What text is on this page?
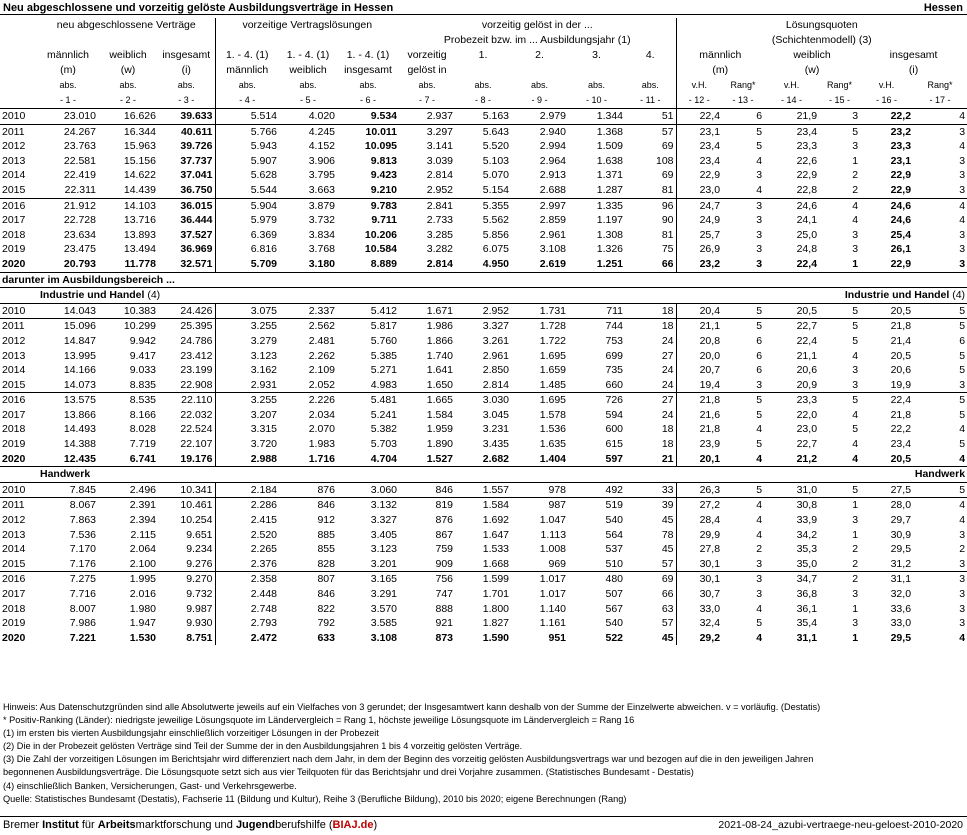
Neu abgeschlossene und vorzeitig gelöste Ausbildungsverträge in Hessen	Hessen
	neu abgeschlossene Verträge			vorzeitige Vertragslösungen			vorzeitig gelöst in der ...					Lösungsquoten					
							Probezeit bzw. im ... Ausbildungsjahr (1)					(Schichtenmodell) (3)					
	männlich	weiblich	insgesamt	1. - 4. (1)	1. - 4. (1)	1. - 4. (1)	vorzeitig	1.	2.	3.	4.	männlich		weiblich		insgesamt	
	(m)	(w)	(i)	männlich	weiblich	insgesamt	gelöst in					(m)		(w)		(i)	
	abs.	abs.	abs.	abs.	abs.	abs.	abs.	abs.	abs.	abs.	abs.	v.H.	Rang*	v.H.	Rang*	v.H.	Rang*
	- 1 -	- 2 -	- 3 -	- 4 -	- 5 -	- 6 -	- 7 -	- 8 -	- 9 -	- 10 -	- 11 -	- 12 -	- 13 -	- 14 -	- 15 -	- 16 -	- 17 -
2010	23.010	16.626	39.633	5.514	4.020	9.534	2.937	5.163	2.979	1.344	51	22,4	6	21,9	3	22,2	4
2011	24.267	16.344	40.611	5.766	4.245	10.011	3.297	5.643	2.940	1.368	57	23,1	5	23,4	5	23,2	3
2012	23.763	15.963	39.726	5.943	4.152	10.095	3.141	5.520	2.994	1.509	69	23,4	5	23,3	3	23,3	4
2013	22.581	15.156	37.737	5.907	3.906	9.813	3.039	5.103	2.964	1.638	108	23,4	4	22,6	1	23,1	3
2014	22.419	14.622	37.041	5.628	3.795	9.423	2.814	5.070	2.913	1.371	69	22,9	3	22,9	2	22,9	3
2015	22.311	14.439	36.750	5.544	3.663	9.210	2.952	5.154	2.688	1.287	81	23,0	4	22,8	2	22,9	3
2016	21.912	14.103	36.015	5.904	3.879	9.783	2.841	5.355	2.997	1.335	96	24,7	3	24,6	4	24,6	4
2017	22.728	13.716	36.444	5.979	3.732	9.711	2.733	5.562	2.859	1.197	90	24,9	3	24,1	4	24,6	4
2018	23.634	13.893	37.527	6.369	3.834	10.206	3.285	5.856	2.961	1.308	81	25,7	3	25,0	3	25,4	3
2019	23.475	13.494	36.969	6.816	3.768	10.584	3.282	6.075	3.108	1.326	75	26,9	3	24,8	3	26,1	3
2020	20.793	11.778	32.571	5.709	3.180	8.889	2.814	4.950	2.619	1.251	66	23,2	3	22,4	1	22,9	3
darunter im Ausbildungsbereich ...																	
Industrie und Handel (4)								Industrie und Handel (4)									
2010	14.043	10.383	24.426	3.075	2.337	5.412	1.671	2.952	1.731	711	18	20,4	5	20,5	5	20,5	5
2011	15.096	10.299	25.395	3.255	2.562	5.817	1.986	3.327	1.728	744	18	21,1	5	22,7	5	21,8	5
2012	14.847	9.942	24.786	3.279	2.481	5.760	1.866	3.261	1.722	753	24	20,8	6	22,4	5	21,4	6
2013	13.995	9.417	23.412	3.123	2.262	5.385	1.740	2.961	1.695	699	27	20,0	6	21,1	4	20,5	5
2014	14.166	9.033	23.199	3.162	2.109	5.271	1.641	2.850	1.659	735	24	20,7	6	20,6	3	20,6	5
2015	14.073	8.835	22.908	2.931	2.052	4.983	1.650	2.814	1.485	660	24	19,4	3	20,9	3	19,9	3
2016	13.575	8.535	22.110	3.255	2.226	5.481	1.665	3.030	1.695	726	27	21,8	5	23,3	5	22,4	5
2017	13.866	8.166	22.032	3.207	2.034	5.241	1.584	3.045	1.578	594	24	21,6	5	22,0	4	21,8	5
2018	14.493	8.028	22.524	3.315	2.070	5.382	1.959	3.231	1.536	600	18	21,8	4	23,0	5	22,2	4
2019	14.388	7.719	22.107	3.720	1.983	5.703	1.890	3.435	1.635	615	18	23,9	5	22,7	4	23,4	5
2020	12.435	6.741	19.176	2.988	1.716	4.704	1.527	2.682	1.404	597	21	20,1	4	21,2	4	20,5	4
Handwerk								Handwerk									
2010	7.845	2.496	10.341	2.184	876	3.060	846	1.557	978	492	33	26,3	5	31,0	5	27,5	5
2011	8.067	2.391	10.461	2.286	846	3.132	819	1.584	987	519	39	27,2	4	30,8	1	28,0	4
2012	7.863	2.394	10.254	2.415	912	3.327	876	1.692	1.047	540	45	28,4	4	33,9	3	29,7	4
2013	7.536	2.115	9.651	2.520	885	3.405	867	1.647	1.113	564	78	29,9	4	34,2	1	30,9	3
2014	7.170	2.064	9.234	2.265	855	3.123	759	1.533	1.008	537	45	27,8	2	35,3	2	29,5	2
2015	7.176	2.100	9.276	2.376	828	3.201	909	1.668	969	510	57	30,1	3	35,0	2	31,2	3
2016	7.275	1.995	9.270	2.358	807	3.165	756	1.599	1.017	480	69	30,1	3	34,7	2	31,1	3
2017	7.716	2.016	9.732	2.448	846	3.291	747	1.701	1.017	507	66	30,7	3	36,8	3	32,0	3
2018	8.007	1.980	9.987	2.748	822	3.570	888	1.800	1.140	567	63	33,0	4	36,1	1	33,6	3
2019	7.986	1.947	9.930	2.793	792	3.585	921	1.827	1.161	540	57	32,4	5	35,4	3	33,0	3
2020	7.221	1.530	8.751	2.472	633	3.108	873	1.590	951	522	45	29,2	4	31,1	1	29,5	4
Hinweis: Aus Datenschutzgründen sind alle Absolutwerte jeweils auf ein Vielfaches von 3 gerundet; der Insgesamtwert kann deshalb von der Summe der Einzelwerte abweichen. v = vorläufig. (Destatis)
* Positiv-Ranking (Länder): niedrigste jeweilige Lösungsquote im Ländervergleich = Rang 1, höchste jeweilige Lösungsquote im Ländervergleich = Rang 16
(1) im ersten bis vierten Ausbildungsjahr einschließlich vorzeitiger Lösungen in der Probezeit
(2) Die in der Probezeit gelösten Verträge sind Teil der Summe der in den Ausbildungsjahren 1 bis 4 vorzeitig gelösten Verträge.
(3) Die Zahl der vorzeitigen Lösungen im Berichtsjahr wird differenziert nach dem Jahr, in dem der Beginn des vorzeitig gelösten Ausbildungsvertrags war und bezogen auf die in den jeweiligen Jahren
begonnenen Ausbildungsverträge. Die Lösungsquote setzt sich aus vier Teilquoten für das Berichtsjahr und drei Vorjahre zusammen. (Statistisches Bundesamt - Destatis)
(4) einschließlich Banken, Versicherungen, Gast- und Verkehrsgewerbe.
Quelle: Statistisches Bundesamt (Destatis), Fachserie 11 (Bildung und Kultur), Reihe 3 (Berufliche Bildung), 2010 bis 2020; eigene Berechnungen (Rang)
Bremer Institut für Arbeitsmarktforschung und Jugendberufshilfe (BIAJ.de)	2021-08-24_azubi-vertraege-neu-geloest-2010-2020
